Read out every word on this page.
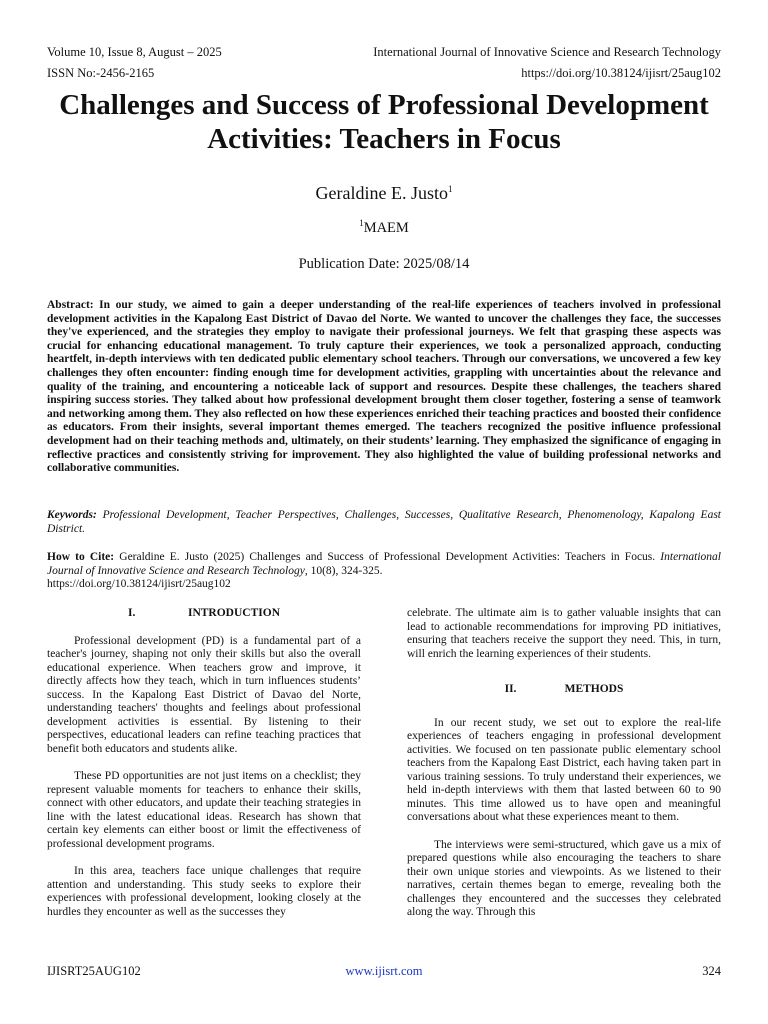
Volume 10, Issue 8, August – 2025	International Journal of Innovative Science and Research Technology
ISSN No:-2456-2165	https://doi.org/10.38124/ijisrt/25aug102
Challenges and Success of Professional Development Activities: Teachers in Focus
Geraldine E. Justo$^1$
$^1$MAEM
Publication Date: 2025/08/14

Abstract: In our study, we aimed to gain a deeper understanding of the real-life experiences of teachers involved in professional development activities in the Kapalong East District of Davao del Norte. We wanted to uncover the challenges they face, the successes they've experienced, and the strategies they employ to navigate their professional journeys. We felt that grasping these aspects was crucial for enhancing educational management. To truly capture their experiences, we took a personalized approach, conducting heartfelt, in-depth interviews with ten dedicated public elementary school teachers. Through our conversations, we uncovered a few key challenges they often encounter: finding enough time for development activities, grappling with uncertainties about the relevance and quality of the training, and encountering a noticeable lack of support and resources. Despite these challenges, the teachers shared inspiring success stories. They talked about how professional development brought them closer together, fostering a sense of teamwork and networking among them. They also reflected on how these experiences enriched their teaching practices and boosted their confidence as educators. From their insights, several important themes emerged. The teachers recognized the positive influence professional development had on their teaching methods and, ultimately, on their students’ learning. They emphasized the significance of engaging in reflective practices and consistently striving for improvement. They also highlighted the value of building professional networks and collaborative communities.

Keywords: Professional Development, Teacher Perspectives, Challenges, Successes, Qualitative Research, Phenomenology, Kapalong East District.

How to Cite: Geraldine E. Justo (2025) Challenges and Success of Professional Development Activities: Teachers in Focus. International Journal of Innovative Science and Research Technology, 10(8), 324-325.
https://doi.org/10.38124/ijisrt/25aug102

I.	INTRODUCTION

Professional development (PD) is a fundamental part of a teacher's journey, shaping not only their skills but also the overall educational experience. When teachers grow and improve, it directly affects how they teach, which in turn influences students’ success. In the Kapalong East District of Davao del Norte, understanding teachers' thoughts and feelings about professional development activities is essential. By listening to their perspectives, educational leaders can refine teaching practices that benefit both educators and students alike.

These PD opportunities are not just items on a checklist; they represent valuable moments for teachers to enhance their skills, connect with other educators, and update their teaching strategies in line with the latest educational ideas. Research has shown that certain key elements can either boost or limit the effectiveness of professional development programs.

In this area, teachers face unique challenges that require attention and understanding. This study seeks to explore their experiences with professional development, looking closely at the hurdles they encounter as well as the successes they

celebrate. The ultimate aim is to gather valuable insights that can lead to actionable recommendations for improving PD initiatives, ensuring that teachers receive the support they need. This, in turn, will enrich the learning experiences of their students.

II.	METHODS

In our recent study, we set out to explore the real-life experiences of teachers engaging in professional development activities. We focused on ten passionate public elementary school teachers from the Kapalong East District, each having taken part in various training sessions. To truly understand their experiences, we held in-depth interviews with them that lasted between 60 to 90 minutes. This time allowed us to have open and meaningful conversations about what these experiences meant to them.

The interviews were semi-structured, which gave us a mix of prepared questions while also encouraging the teachers to share their own unique stories and viewpoints. As we listened to their narratives, certain themes began to emerge, revealing both the challenges they encountered and the successes they celebrated along the way. Through this

IJISRT25AUG102	www.ijisrt.com	324
